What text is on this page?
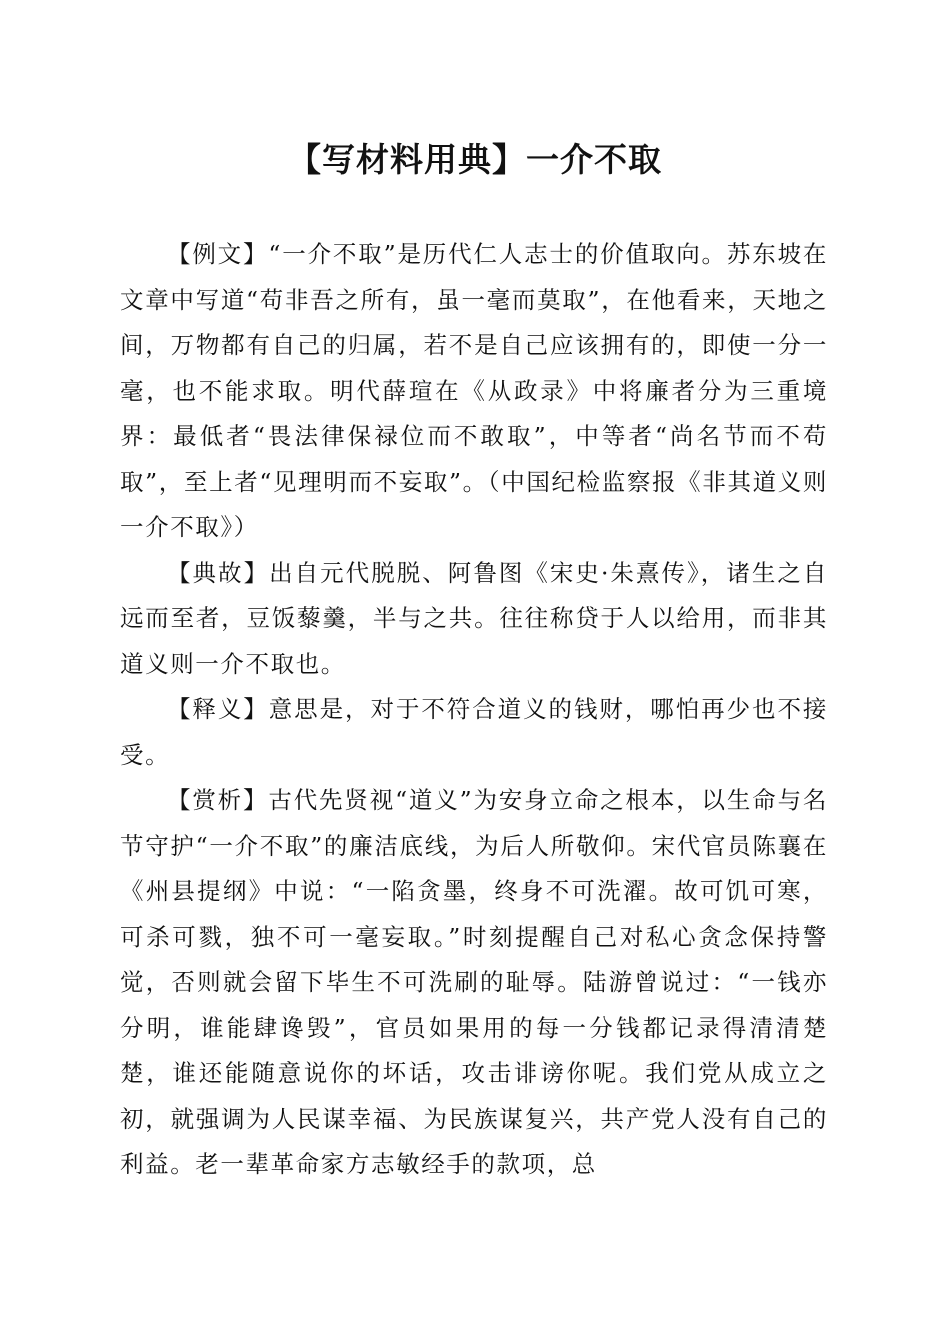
【写材料用典】一介不取

【例文】“一介不取”是历代仁人志士的价值取向。苏东坡在文章中写道“苟非吾之所有，虽一毫而莫取”，在他看来，天地之间，万物都有自己的归属，若不是自己应该拥有的，即使一分一毫，也不能求取。明代薛瑄在《从政录》中将廉者分为三重境界：最低者“畏法律保禄位而不敢取”，中等者“尚名节而不苟取”，至上者“见理明而不妄取”。（中国纪检监察报《非其道义则一介不取》）

【典故】出自元代脱脱、阿鲁图《宋史·朱熹传》，诸生之自远而至者，豆饭藜羹，半与之共。往往称贷于人以给用，而非其道义则一介不取也。

【释义】意思是，对于不符合道义的钱财，哪怕再少也不接受。

【赏析】古代先贤视“道义”为安身立命之根本，以生命与名节守护“一介不取”的廉洁底线，为后人所敬仰。宋代官员陈襄在《州县提纲》中说：“一陷贪墨，终身不可洗濯。故可饥可寒，可杀可戮，独不可一毫妄取。”时刻提醒自己对私心贪念保持警觉，否则就会留下毕生不可洗刷的耻辱。陆游曾说过：“一钱亦分明，谁能肆谗毁”，官员如果用的每一分钱都记录得清清楚楚，谁还能随意说你的坏话，攻击诽谤你呢。我们党从成立之初，就强调为人民谋幸福、为民族谋复兴，共产党人没有自己的利益。老一辈革命家方志敏经手的款项，总
